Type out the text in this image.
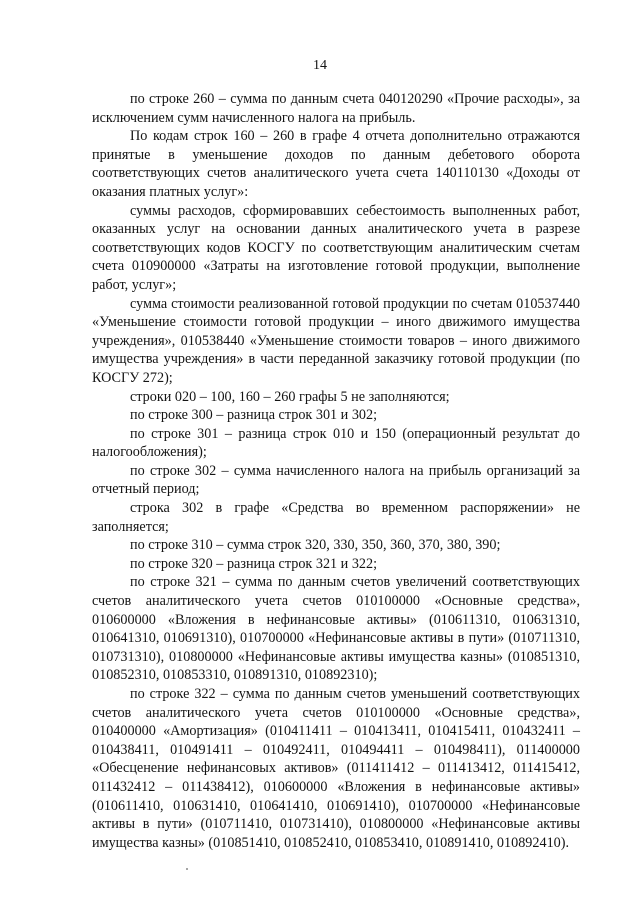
14

по строке 260 – сумма по данным счета 040120290 «Прочие расходы», за исключением сумм начисленного налога на прибыль.

По кодам строк 160 – 260 в графе 4 отчета дополнительно отражаются принятые в уменьшение доходов по данным дебетового оборота соответствующих счетов аналитического учета счета 140110130 «Доходы от оказания платных услуг»:

суммы расходов, сформировавших себестоимость выполненных работ, оказанных услуг на основании данных аналитического учета в разрезе соответствующих кодов КОСГУ по соответствующим аналитическим счетам счета 010900000 «Затраты на изготовление готовой продукции, выполнение работ, услуг»;

сумма стоимости реализованной готовой продукции по счетам 010537440 «Уменьшение стоимости готовой продукции – иного движимого имущества учреждения», 010538440 «Уменьшение стоимости товаров – иного движимого имущества учреждения» в части переданной заказчику готовой продукции (по КОСГУ 272);

строки 020 – 100, 160 – 260 графы 5 не заполняются;

по строке 300 – разница строк 301 и 302;

по строке 301 – разница строк 010 и 150 (операционный результат до налогообложения);

по строке 302 – сумма начисленного налога на прибыль организаций за отчетный период;

строка 302 в графе «Средства во временном распоряжении» не заполняется;

по строке 310 – сумма строк 320, 330, 350, 360, 370, 380, 390;

по строке 320 – разница строк 321 и 322;

по строке 321 – сумма по данным счетов увеличений соответствующих счетов аналитического учета счетов 010100000 «Основные средства», 010600000 «Вложения в нефинансовые активы» (010611310, 010631310, 010641310, 010691310), 010700000 «Нефинансовые активы в пути» (010711310, 010731310), 010800000 «Нефинансовые активы имущества казны» (010851310, 010852310, 010853310, 010891310, 010892310);

по строке 322 – сумма по данным счетов уменьшений соответствующих счетов аналитического учета счетов 010100000 «Основные средства», 010400000 «Амортизация» (010411411 – 010413411, 010415411, 010432411 – 010438411, 010491411 – 010492411, 010494411 – 010498411), 011400000 «Обесценение нефинансовых активов» (011411412 – 011413412, 011415412, 011432412 – 011438412), 010600000 «Вложения в нефинансовые активы» (010611410, 010631410, 010641410, 010691410), 010700000 «Нефинансовые активы в пути» (010711410, 010731410), 010800000 «Нефинансовые активы имущества казны» (010851410, 010852410, 010853410, 010891410, 010892410).
